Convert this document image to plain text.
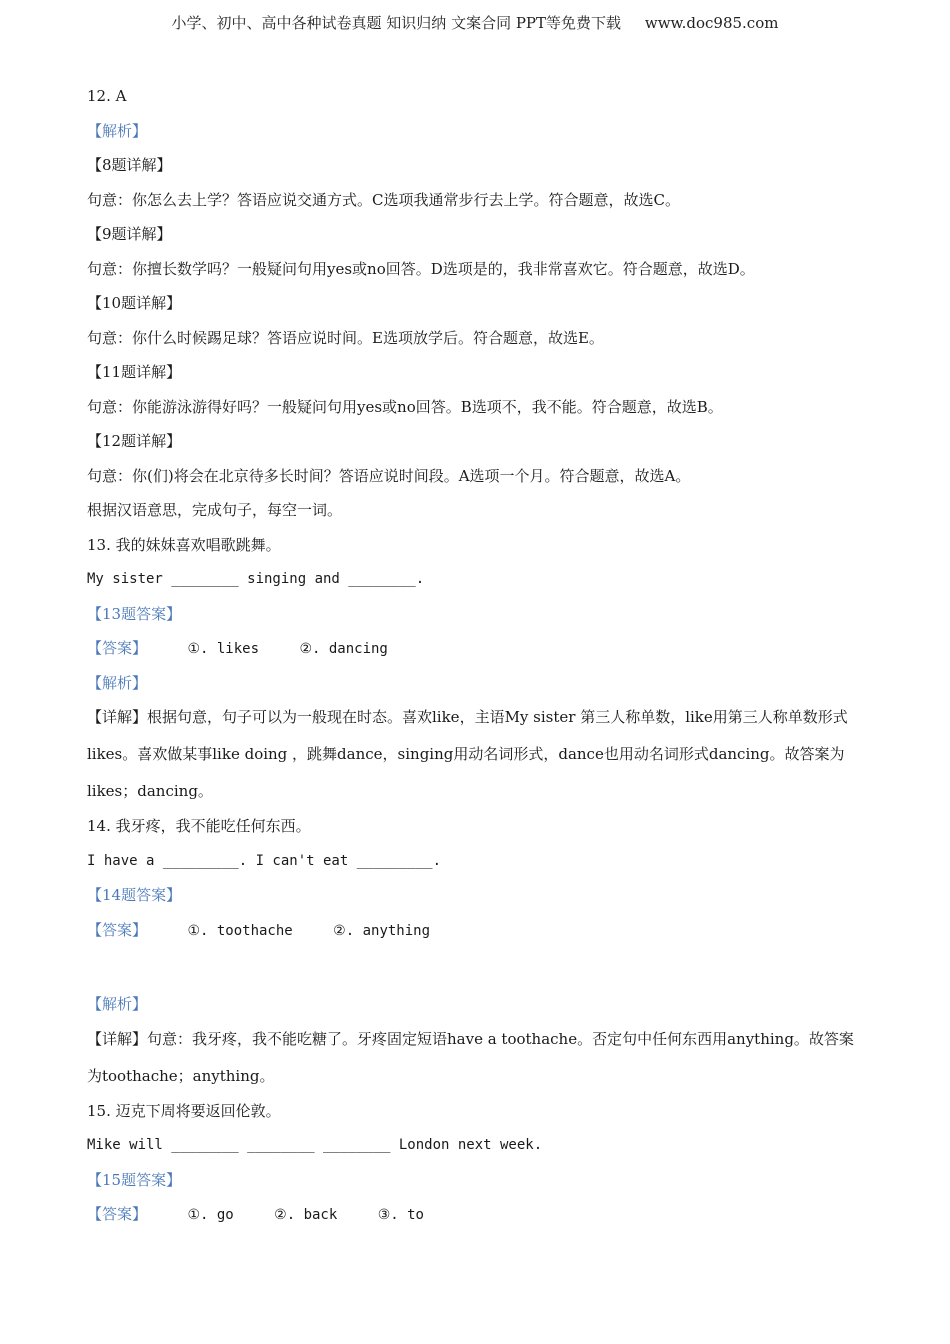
小学、初中、高中各种试卷真题 知识归纳 文案合同 PPT等免费下载     www.doc985.com
12. A
【解析】
【8题详解】
句意：你怎么去上学？答语应说交通方式。C选项我通常步行去上学。符合题意，故选C。
【9题详解】
句意：你擅长数学吗？一般疑问句用yes或no回答。D选项是的，我非常喜欢它。符合题意，故选D。
【10题详解】
句意：你什么时候踢足球？答语应说时间。E选项放学后。符合题意，故选E。
【11题详解】
句意：你能游泳游得好吗？一般疑问句用yes或no回答。B选项不，我不能。符合题意，故选B。
【12题详解】
句意：你(们)将会在北京待多长时间？答语应说时间段。A选项一个月。符合题意，故选A。
根据汉语意思，完成句子，每空一词。
13. 我的妹妹喜欢唱歌跳舞。
My sister ________ singing and ________.
【13题答案】
【答案】	①. likes	②. dancing
【解析】
【详解】根据句意，句子可以为一般现在时态。喜欢like，主语My sister 第三人称单数，like用第三人称单数形式likes。喜欢做某事like doing ，跳舞dance，singing用动名词形式，dance也用动名词形式dancing。故答案为likes；dancing。
14. 我牙疼，我不能吃任何东西。
I have a _________. I can't eat _________.
【14题答案】
【答案】	①. toothache	②. anything
【解析】
【详解】句意：我牙疼，我不能吃糖了。牙疼固定短语have a toothache。否定句中任何东西用anything。故答案为toothache；anything。
15. 迈克下周将要返回伦敦。
Mike will ________ ________ ________ London next week.
【15题答案】
【答案】	①. go	②. back	③. to
